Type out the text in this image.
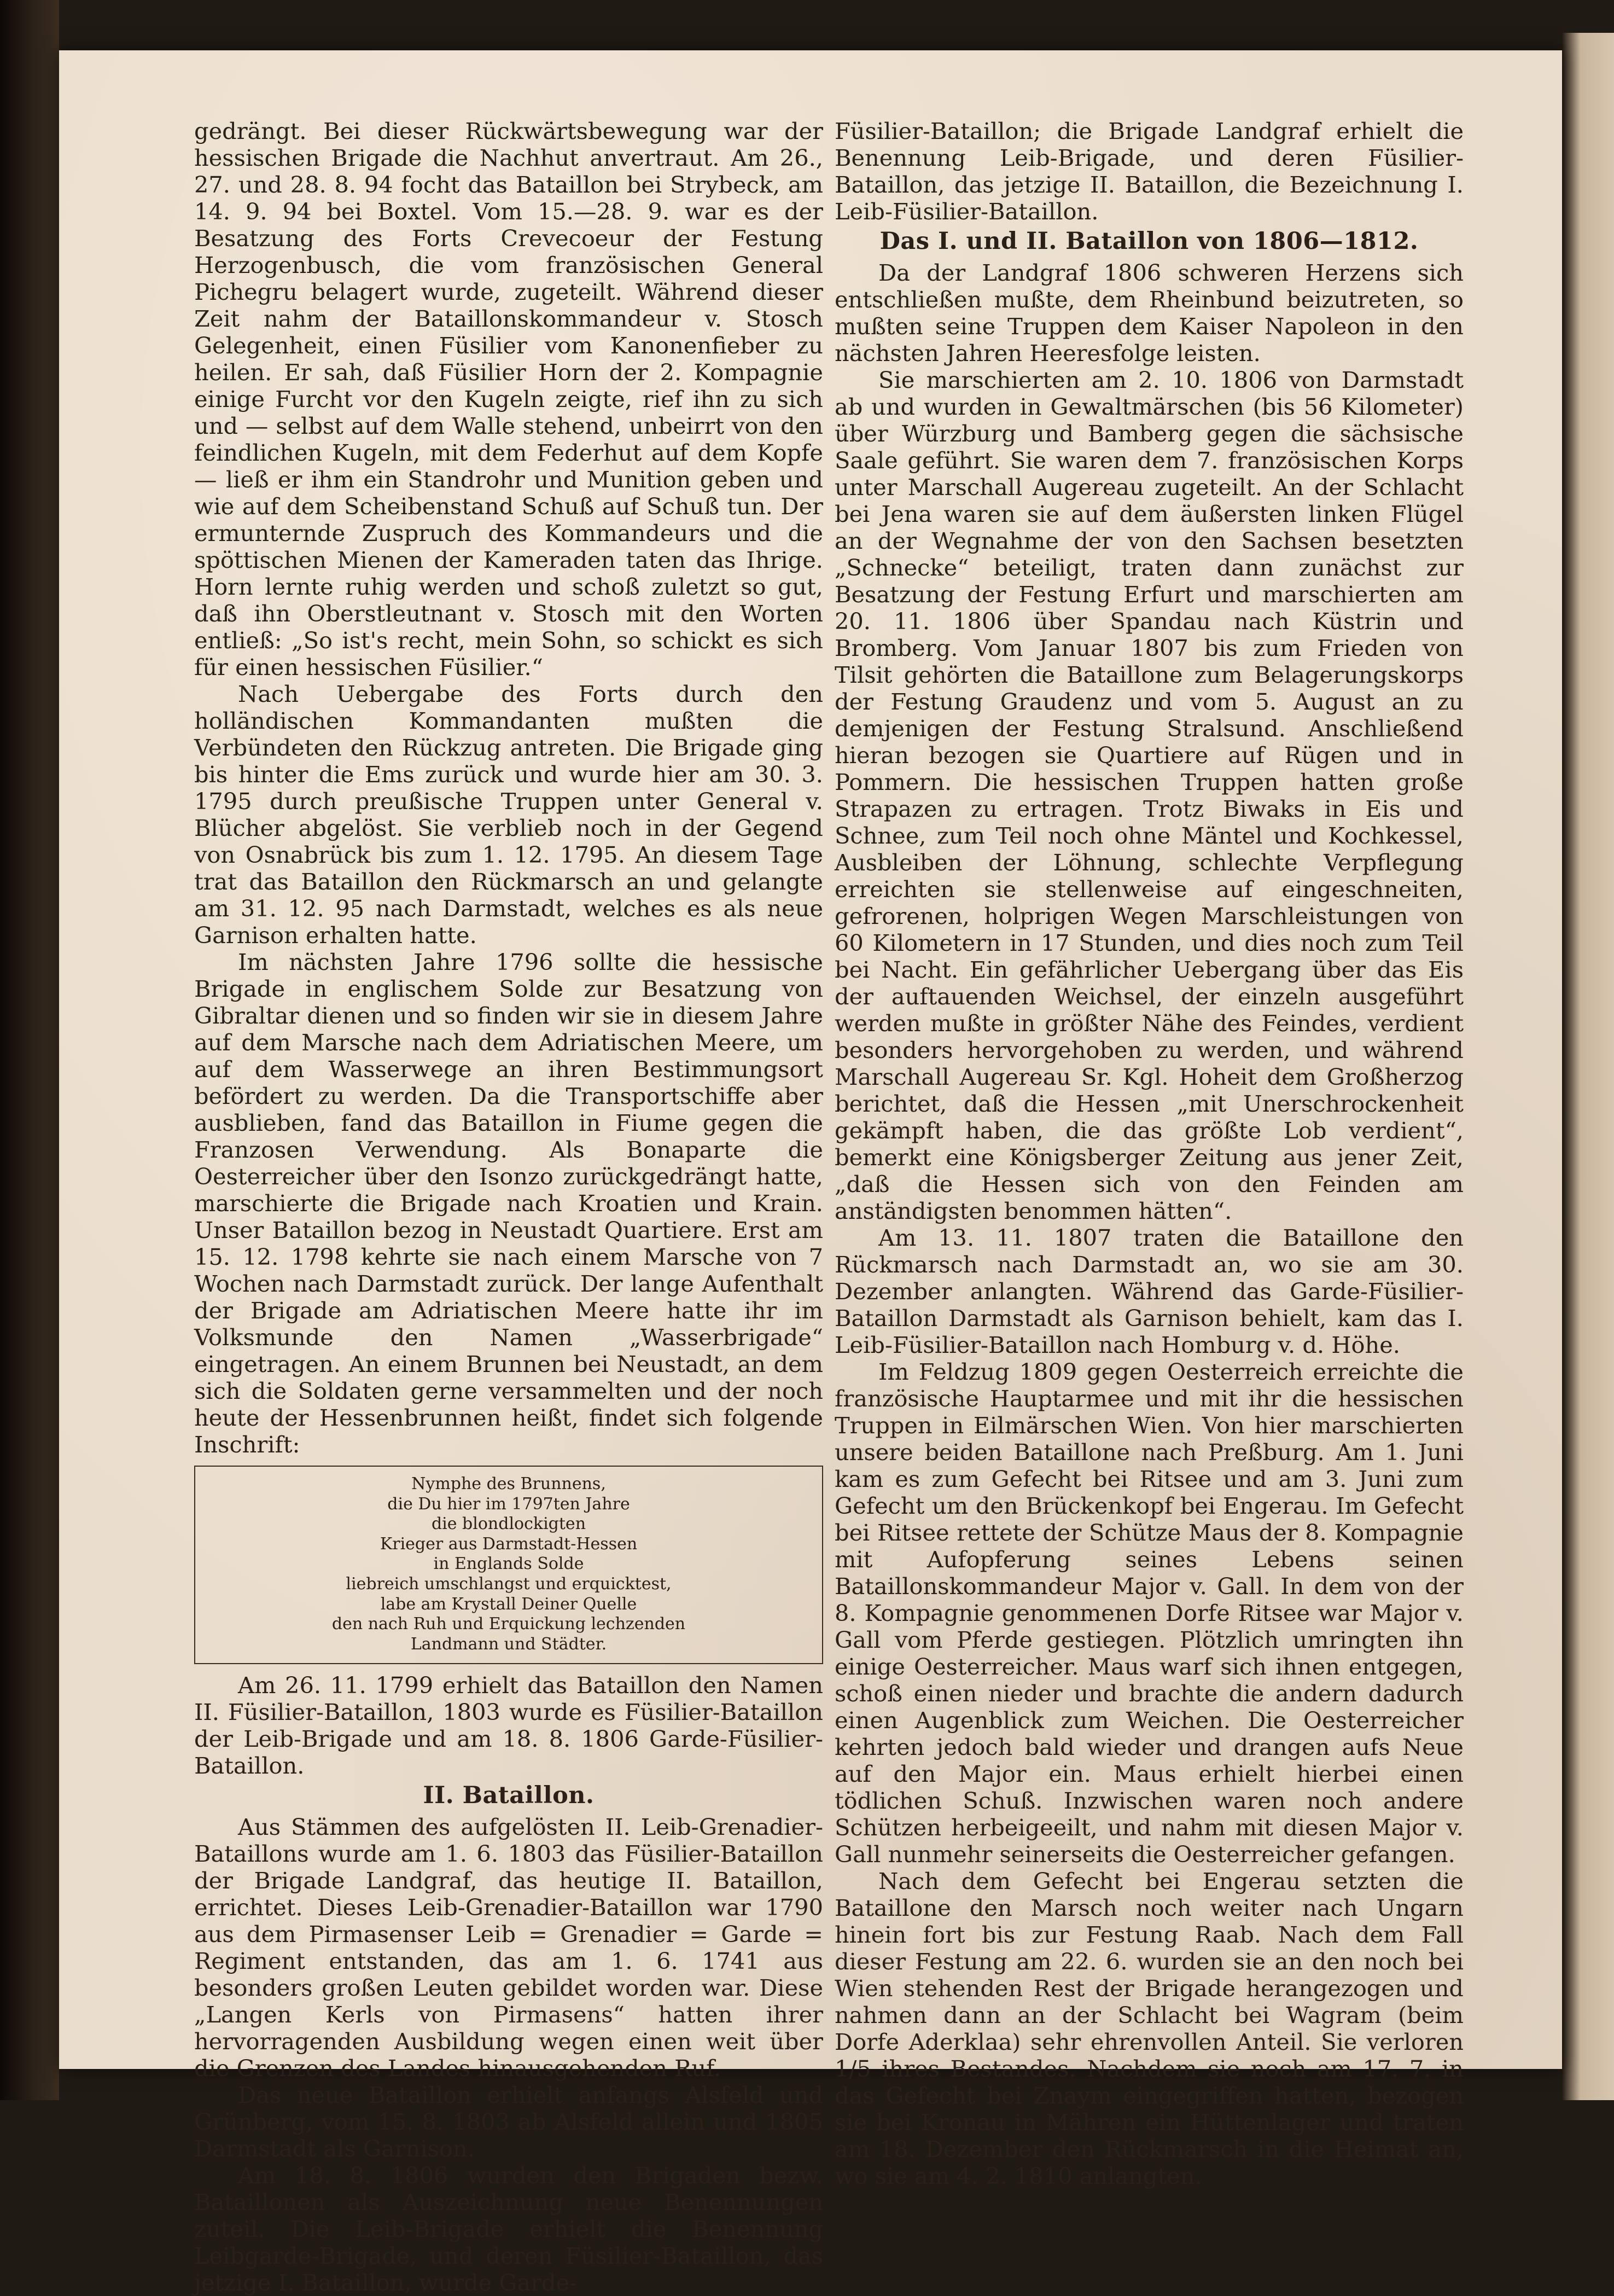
gedrängt. Bei dieser Rückwärtsbewegung war der hessischen Brigade die Nachhut anvertraut. Am 26., 27. und 28. 8. 94 focht das Bataillon bei Strybeck, am 14. 9. 94 bei Boxtel. Vom 15.—28. 9. war es der Besatzung des Forts Crevecoeur der Festung Herzogenbusch, die vom französischen General Pichegru belagert wurde, zugeteilt. Während dieser Zeit nahm der Bataillonskommandeur v. Stosch Gelegenheit, einen Füsilier vom Kanonenfieber zu heilen. Er sah, daß Füsilier Horn der 2. Kompagnie einige Furcht vor den Kugeln zeigte, rief ihn zu sich und — selbst auf dem Walle stehend, unbeirrt von den feindlichen Kugeln, mit dem Federhut auf dem Kopfe — ließ er ihm ein Standrohr und Munition geben und wie auf dem Scheibenstand Schuß auf Schuß tun. Der ermunternde Zuspruch des Kommandeurs und die spöttischen Mienen der Kameraden taten das Ihrige. Horn lernte ruhig werden und schoß zuletzt so gut, daß ihn Oberstleutnant v. Stosch mit den Worten entließ: „So ist's recht, mein Sohn, so schickt es sich für einen hessischen Füsilier.“

Nach Uebergabe des Forts durch den holländischen Kommandanten mußten die Verbündeten den Rückzug antreten. Die Brigade ging bis hinter die Ems zurück und wurde hier am 30. 3. 1795 durch preußische Truppen unter General v. Blücher abgelöst. Sie verblieb noch in der Gegend von Osnabrück bis zum 1. 12. 1795. An diesem Tage trat das Bataillon den Rückmarsch an und gelangte am 31. 12. 95 nach Darmstadt, welches es als neue Garnison erhalten hatte.

Im nächsten Jahre 1796 sollte die hessische Brigade in englischem Solde zur Besatzung von Gibraltar dienen und so finden wir sie in diesem Jahre auf dem Marsche nach dem Adriatischen Meere, um auf dem Wasserwege an ihren Bestimmungsort befördert zu werden. Da die Transportschiffe aber ausblieben, fand das Bataillon in Fiume gegen die Franzosen Verwendung. Als Bonaparte die Oesterreicher über den Isonzo zurückgedrängt hatte, marschierte die Brigade nach Kroatien und Krain. Unser Bataillon bezog in Neustadt Quartiere. Erst am 15. 12. 1798 kehrte sie nach einem Marsche von 7 Wochen nach Darmstadt zurück. Der lange Aufenthalt der Brigade am Adriatischen Meere hatte ihr im Volksmunde den Namen „Wasserbrigade“ eingetragen. An einem Brunnen bei Neustadt, an dem sich die Soldaten gerne versammelten und der noch heute der Hessenbrunnen heißt, findet sich folgende Inschrift:

Nymphe des Brunnens,
die Du hier im 1797ten Jahre
die blondlockigten
Krieger aus Darmstadt-Hessen
in Englands Solde
liebreich umschlangst und erquicktest,
labe am Krystall Deiner Quelle
den nach Ruh und Erquickung lechzenden
Landmann und Städter.

Am 26. 11. 1799 erhielt das Bataillon den Namen II. Füsilier-Bataillon, 1803 wurde es Füsilier-Bataillon der Leib-Brigade und am 18. 8. 1806 Garde-Füsilier-Bataillon.

II. Bataillon.

Aus Stämmen des aufgelösten II. Leib-Grenadier-Bataillons wurde am 1. 6. 1803 das Füsilier-Bataillon der Brigade Landgraf, das heutige II. Bataillon, errichtet. Dieses Leib-Grenadier-Bataillon war 1790 aus dem Pirmasenser Leib = Grenadier = Garde = Regiment entstanden, das am 1. 6. 1741 aus besonders großen Leuten gebildet worden war. Diese „Langen Kerls von Pirmasens“ hatten ihrer hervorragenden Ausbildung wegen einen weit über die Grenzen des Landes hinausgehenden Ruf.

Das neue Bataillon erhielt anfangs Alsfeld und Grünberg, vom 15. 8. 1803 ab Alsfeld allein und 1805 Darmstadt als Garnison.

Am 18. 8. 1806 wurden den Brigaden bezw. Bataillonen als Auszeichnung neue Benennungen zuteil. Die Leib-Brigade erhielt die Benennung Leibgarde-Brigade, und deren Füsilier-Bataillon, das jetzige I. Bataillon, wurde Garde-

Füsilier-Bataillon; die Brigade Landgraf erhielt die Benennung Leib-Brigade, und deren Füsilier-Bataillon, das jetzige II. Bataillon, die Bezeichnung I. Leib-Füsilier-Bataillon.

Das I. und II. Bataillon von 1806—1812.

Da der Landgraf 1806 schweren Herzens sich entschließen mußte, dem Rheinbund beizutreten, so mußten seine Truppen dem Kaiser Napoleon in den nächsten Jahren Heeresfolge leisten.

Sie marschierten am 2. 10. 1806 von Darmstadt ab und wurden in Gewaltmärschen (bis 56 Kilometer) über Würzburg und Bamberg gegen die sächsische Saale geführt. Sie waren dem 7. französischen Korps unter Marschall Augereau zugeteilt. An der Schlacht bei Jena waren sie auf dem äußersten linken Flügel an der Wegnahme der von den Sachsen besetzten „Schnecke“ beteiligt, traten dann zunächst zur Besatzung der Festung Erfurt und marschierten am 20. 11. 1806 über Spandau nach Küstrin und Bromberg. Vom Januar 1807 bis zum Frieden von Tilsit gehörten die Bataillone zum Belagerungskorps der Festung Graudenz und vom 5. August an zu demjenigen der Festung Stralsund. Anschließend hieran bezogen sie Quartiere auf Rügen und in Pommern. Die hessischen Truppen hatten große Strapazen zu ertragen. Trotz Biwaks in Eis und Schnee, zum Teil noch ohne Mäntel und Kochkessel, Ausbleiben der Löhnung, schlechte Verpflegung erreichten sie stellenweise auf eingeschneiten, gefrorenen, holprigen Wegen Marschleistungen von 60 Kilometern in 17 Stunden, und dies noch zum Teil bei Nacht. Ein gefährlicher Uebergang über das Eis der auftauenden Weichsel, der einzeln ausgeführt werden mußte in größter Nähe des Feindes, verdient besonders hervorgehoben zu werden, und während Marschall Augereau Sr. Kgl. Hoheit dem Großherzog berichtet, daß die Hessen „mit Unerschrockenheit gekämpft haben, die das größte Lob verdient“, bemerkt eine Königsberger Zeitung aus jener Zeit, „daß die Hessen sich von den Feinden am anständigsten benommen hätten“.

Am 13. 11. 1807 traten die Bataillone den Rückmarsch nach Darmstadt an, wo sie am 30. Dezember anlangten. Während das Garde-Füsilier-Bataillon Darmstadt als Garnison behielt, kam das I. Leib-Füsilier-Bataillon nach Homburg v. d. Höhe.

Im Feldzug 1809 gegen Oesterreich erreichte die französische Hauptarmee und mit ihr die hessischen Truppen in Eilmärschen Wien. Von hier marschierten unsere beiden Bataillone nach Preßburg. Am 1. Juni kam es zum Gefecht bei Ritsee und am 3. Juni zum Gefecht um den Brückenkopf bei Engerau. Im Gefecht bei Ritsee rettete der Schütze Maus der 8. Kompagnie mit Aufopferung seines Lebens seinen Bataillonskommandeur Major v. Gall. In dem von der 8. Kompagnie genommenen Dorfe Ritsee war Major v. Gall vom Pferde gestiegen. Plötzlich umringten ihn einige Oesterreicher. Maus warf sich ihnen entgegen, schoß einen nieder und brachte die andern dadurch einen Augenblick zum Weichen. Die Oesterreicher kehrten jedoch bald wieder und drangen aufs Neue auf den Major ein. Maus erhielt hierbei einen tödlichen Schuß. Inzwischen waren noch andere Schützen herbeigeeilt, und nahm mit diesen Major v. Gall nunmehr seinerseits die Oesterreicher gefangen.

Nach dem Gefecht bei Engerau setzten die Bataillone den Marsch noch weiter nach Ungarn hinein fort bis zur Festung Raab. Nach dem Fall dieser Festung am 22. 6. wurden sie an den noch bei Wien stehenden Rest der Brigade herangezogen und nahmen dann an der Schlacht bei Wagram (beim Dorfe Aderklaa) sehr ehrenvollen Anteil. Sie verloren 1/5 ihres Bestandes. Nachdem sie noch am 17. 7. in das Gefecht bei Znaym eingegriffen hatten, bezogen sie bei Kronau in Mähren ein Hüttenlager und traten am 18. Dezember den Rückmarsch in die Heimat an, wo sie am 4. 2. 1810 anlangten.
